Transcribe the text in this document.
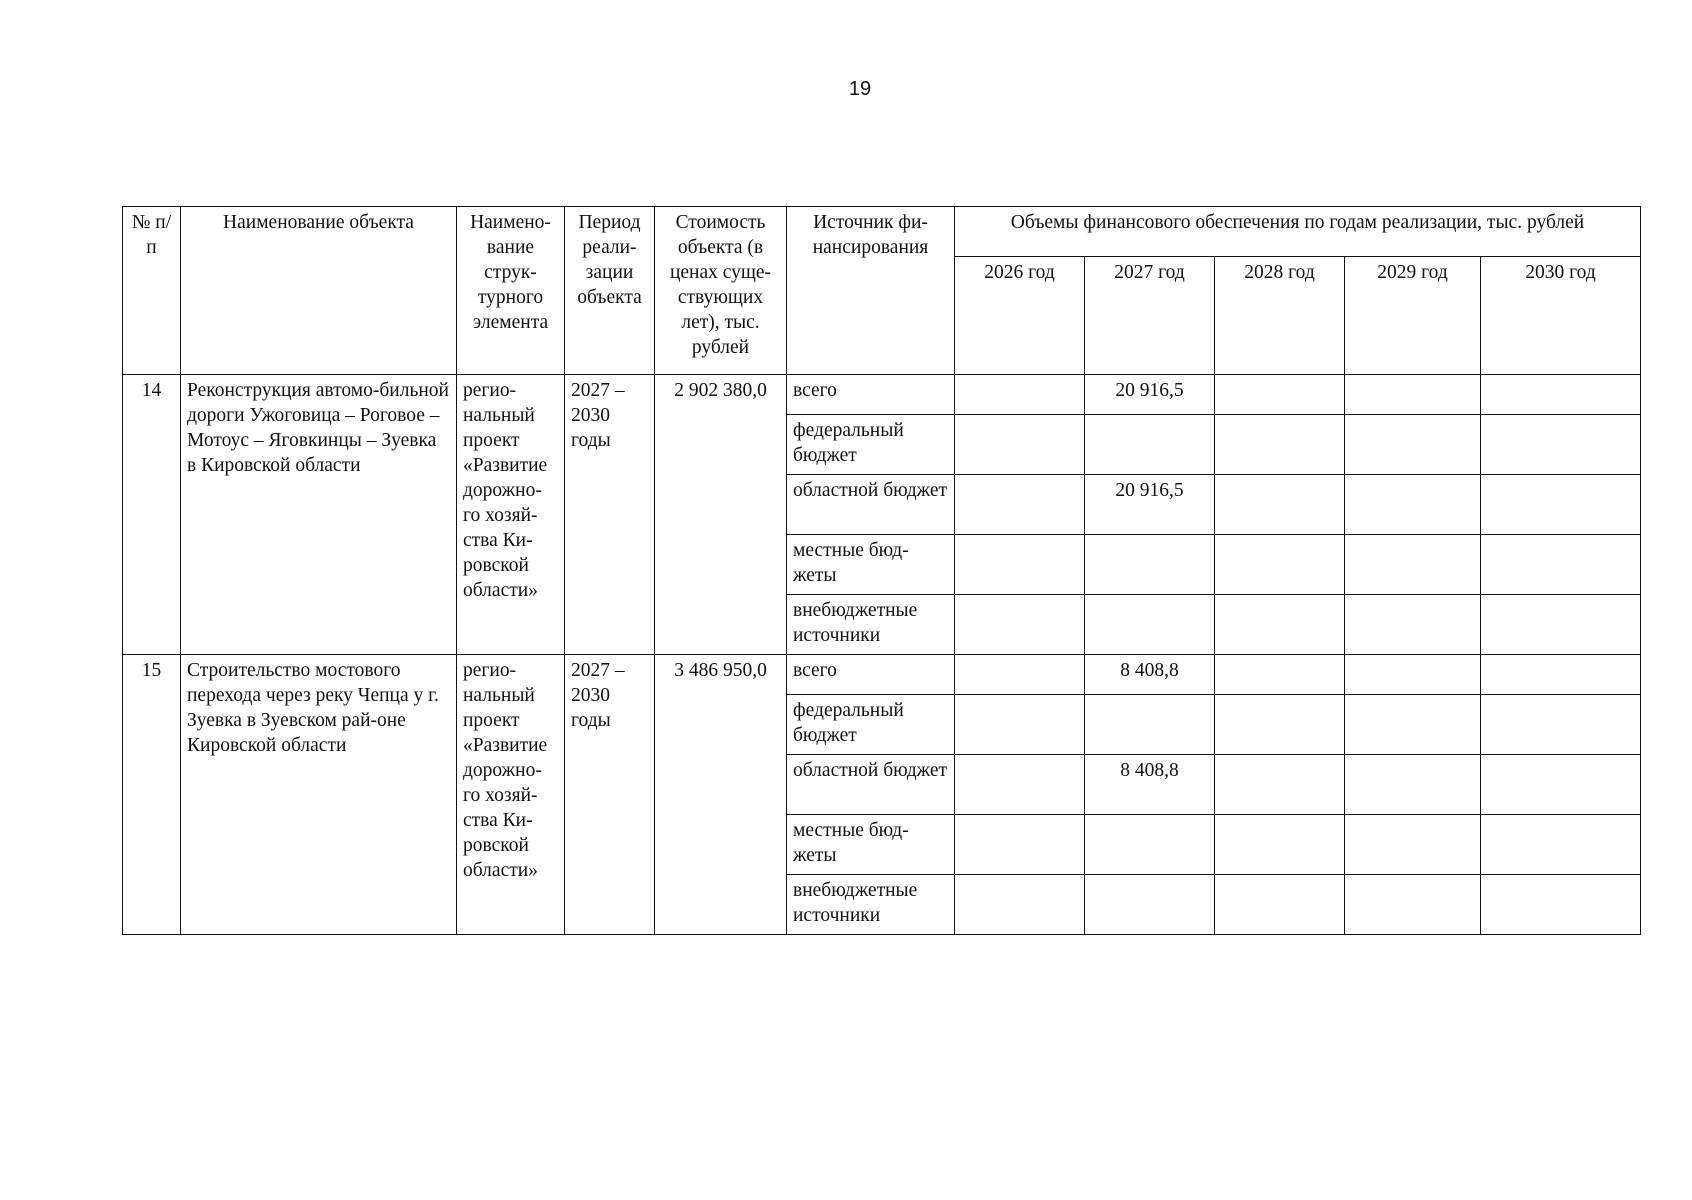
19
№ п/п	Наименование объекта	Наимено-вание струк-турного элемента	Период реали-зации объекта	Стоимость объекта (в ценах суще-ствующих лет), тыс. рублей	Источник фи-нансирования	Объемы финансового обеспечения по годам реализации, тыс. рублей				
						2026 год	2027 год	2028 год	2029 год	2030 год
14	Реконструкция автомо-бильной дороги Ужоговица – Роговое – Мотоус – Яговкинцы – Зуевка в Кировской области	регио-нальный проект «Развитие дорожно-го хозяй-ства Ки-ровской области»	2027 – 2030 годы	2 902 380,0	всего		20 916,5			
					федеральный бюджет					
					областной бюджет		20 916,5			
					местные бюд-жеты					
					внебюджетные источники					
15	Строительство мостового перехода через реку Чепца у г. Зуевка в Зуевском рай-оне Кировской области	регио-нальный проект «Развитие дорожно-го хозяй-ства Ки-ровской области»	2027 – 2030 годы	3 486 950,0	всего		8 408,8			
					федеральный бюджет					
					областной бюджет		8 408,8			
					местные бюд-жеты					
					внебюджетные источники					
